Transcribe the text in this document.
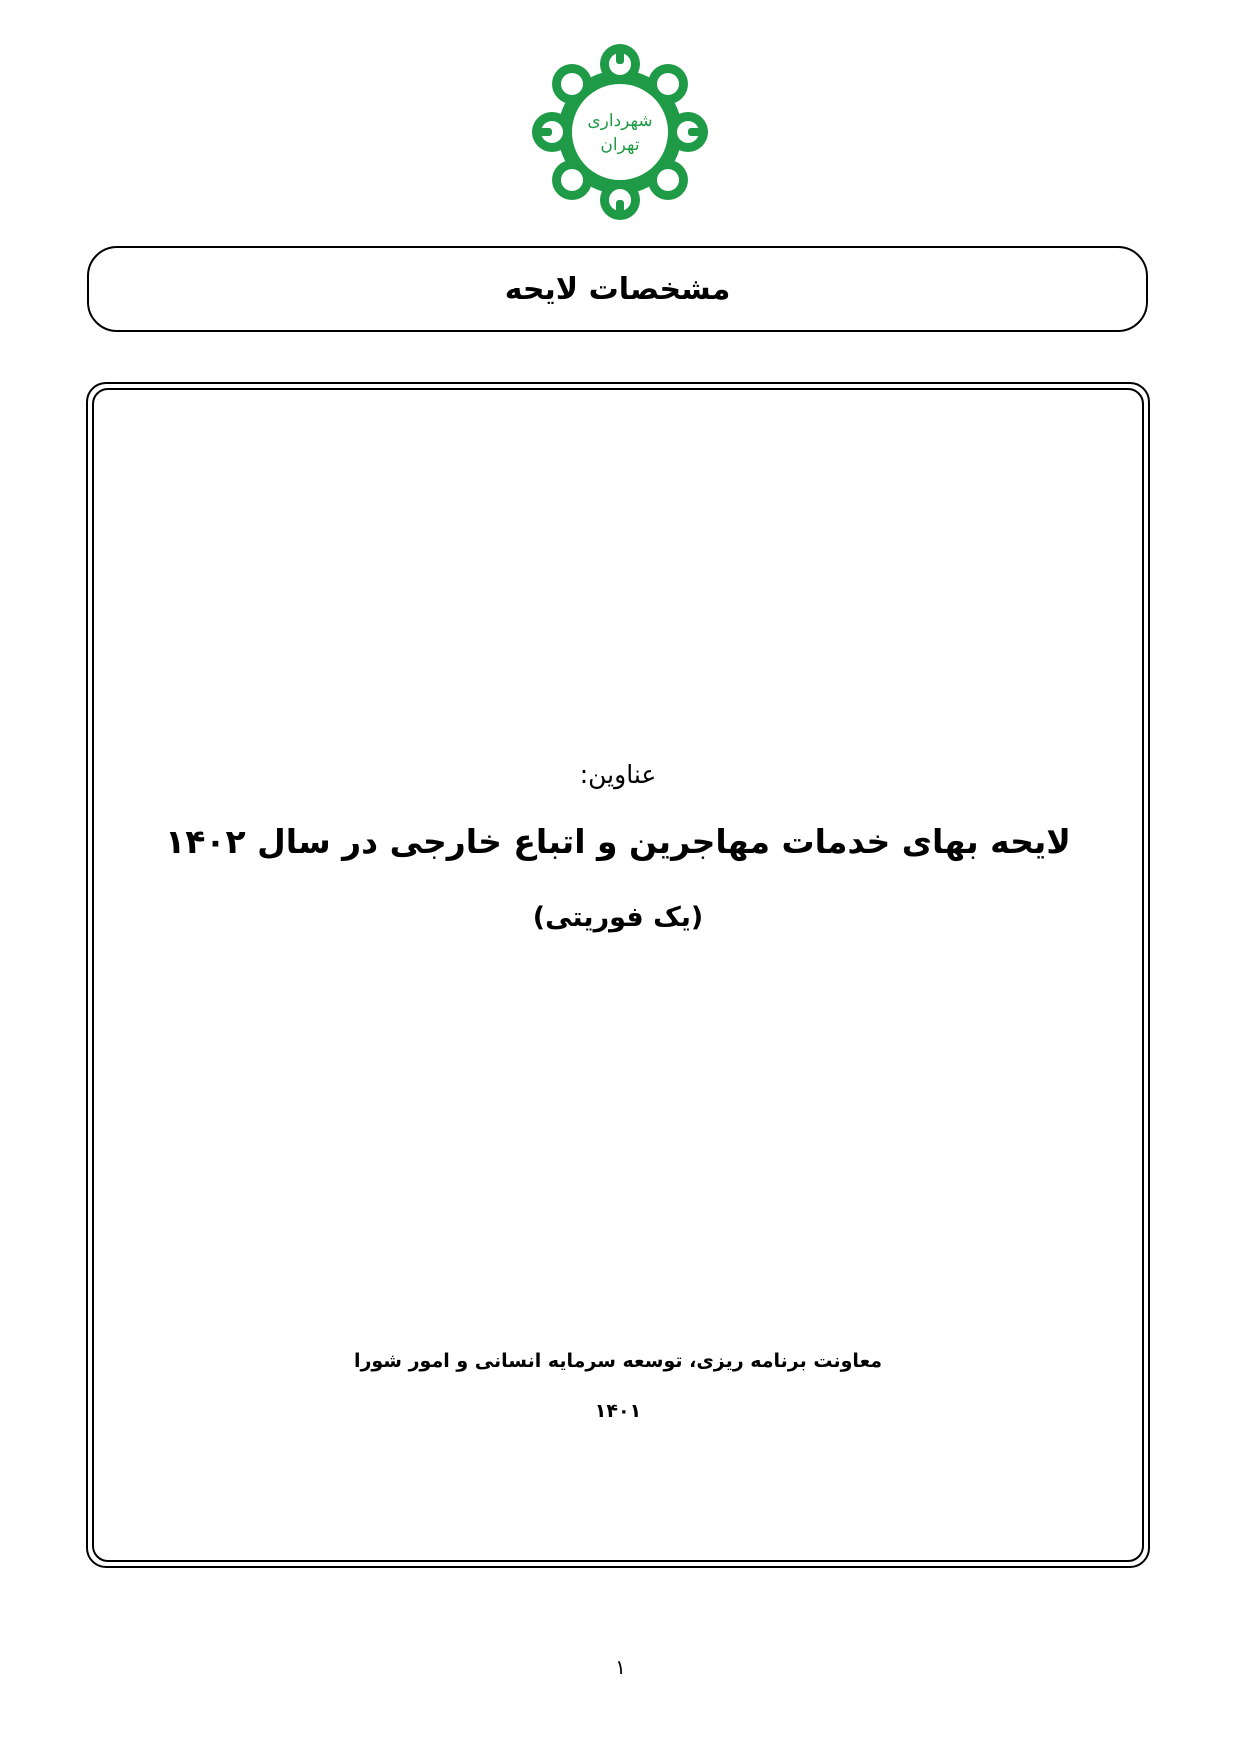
شهرداری
تهران
مشخصات لایحه
عناوین:
لایحه بهای خدمات مهاجرین و اتباع خارجی در سال ۱۴۰۲
(یک فوریتی)
معاونت برنامه ریزی، توسعه سرمایه انسانی و امور شورا
۱۴۰۱
۱
